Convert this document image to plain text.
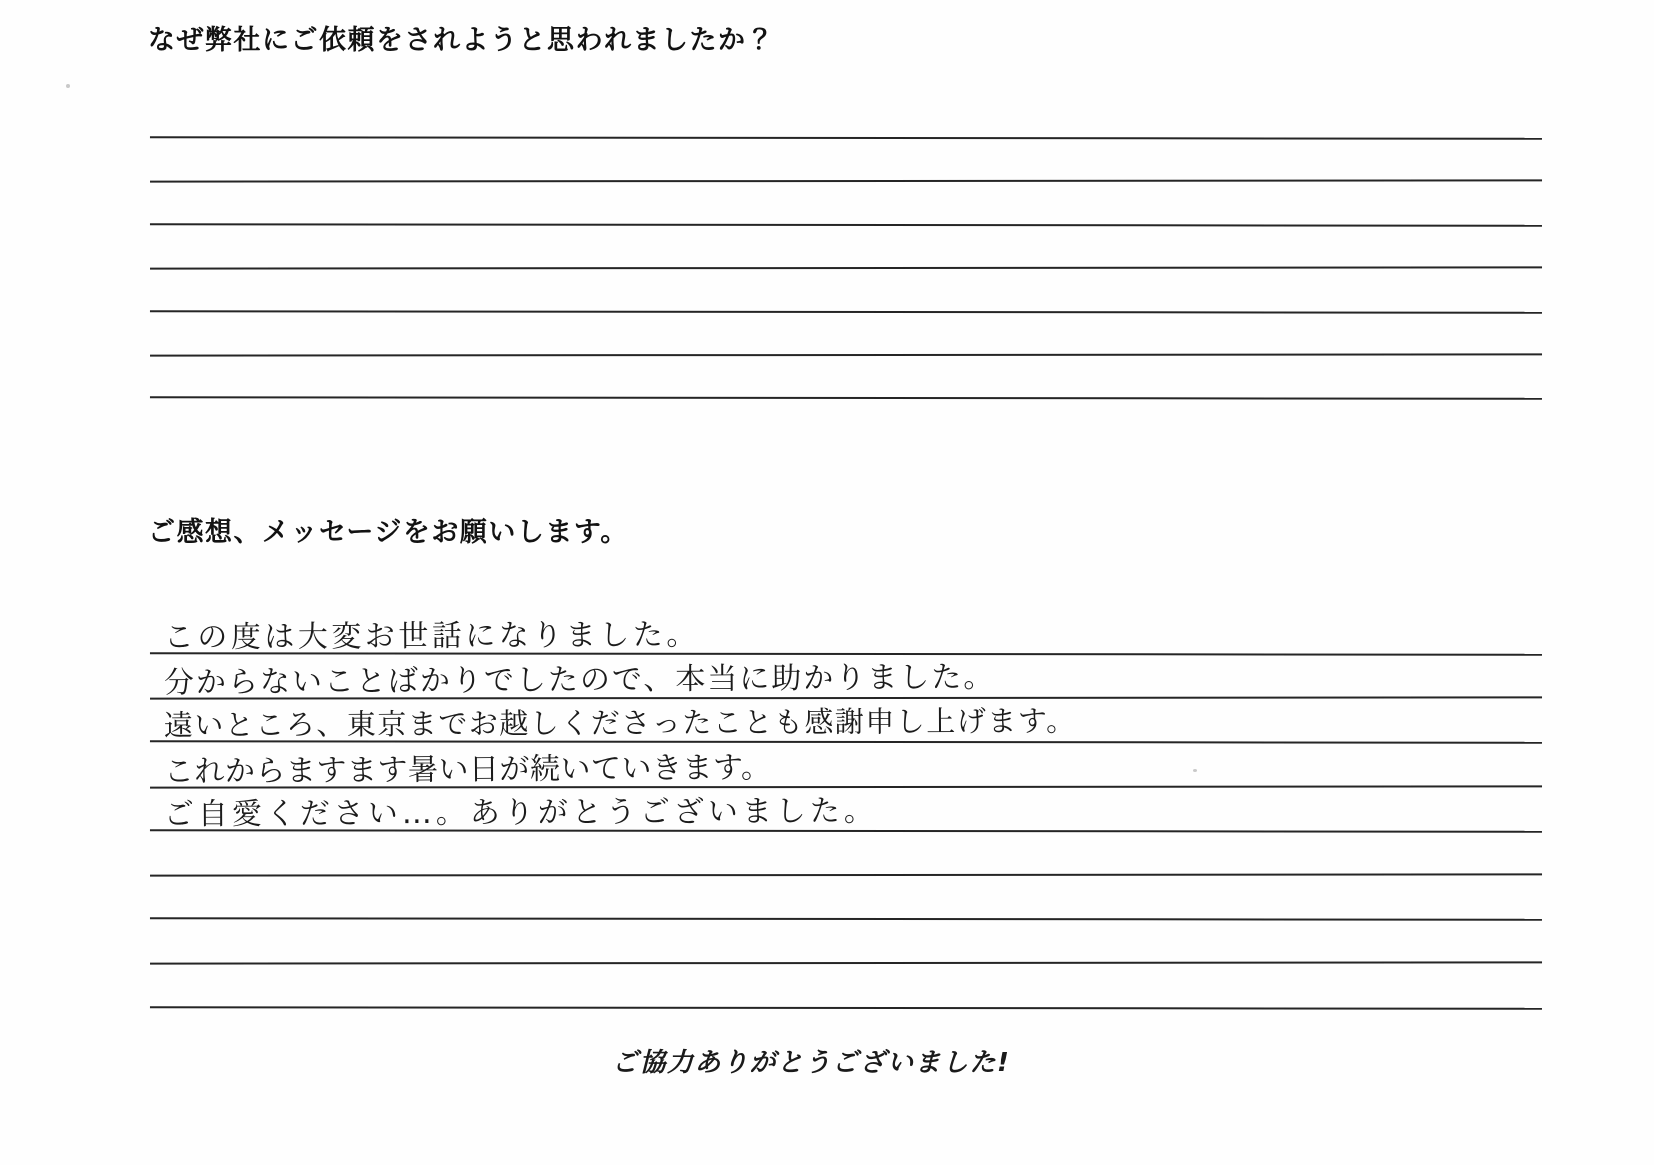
なぜ弊社にご依頼をされようと思われましたか？
ご感想、メッセージをお願いします。
この度は大変お世話になりました。
分からないことばかりでしたので、本当に助かりました。
遠いところ、東京までお越しくださったことも感謝申し上げます。
これからますます暑い日が続いていきます。
ご自愛ください…。ありがとうございました。
ご協力ありがとうございました!
